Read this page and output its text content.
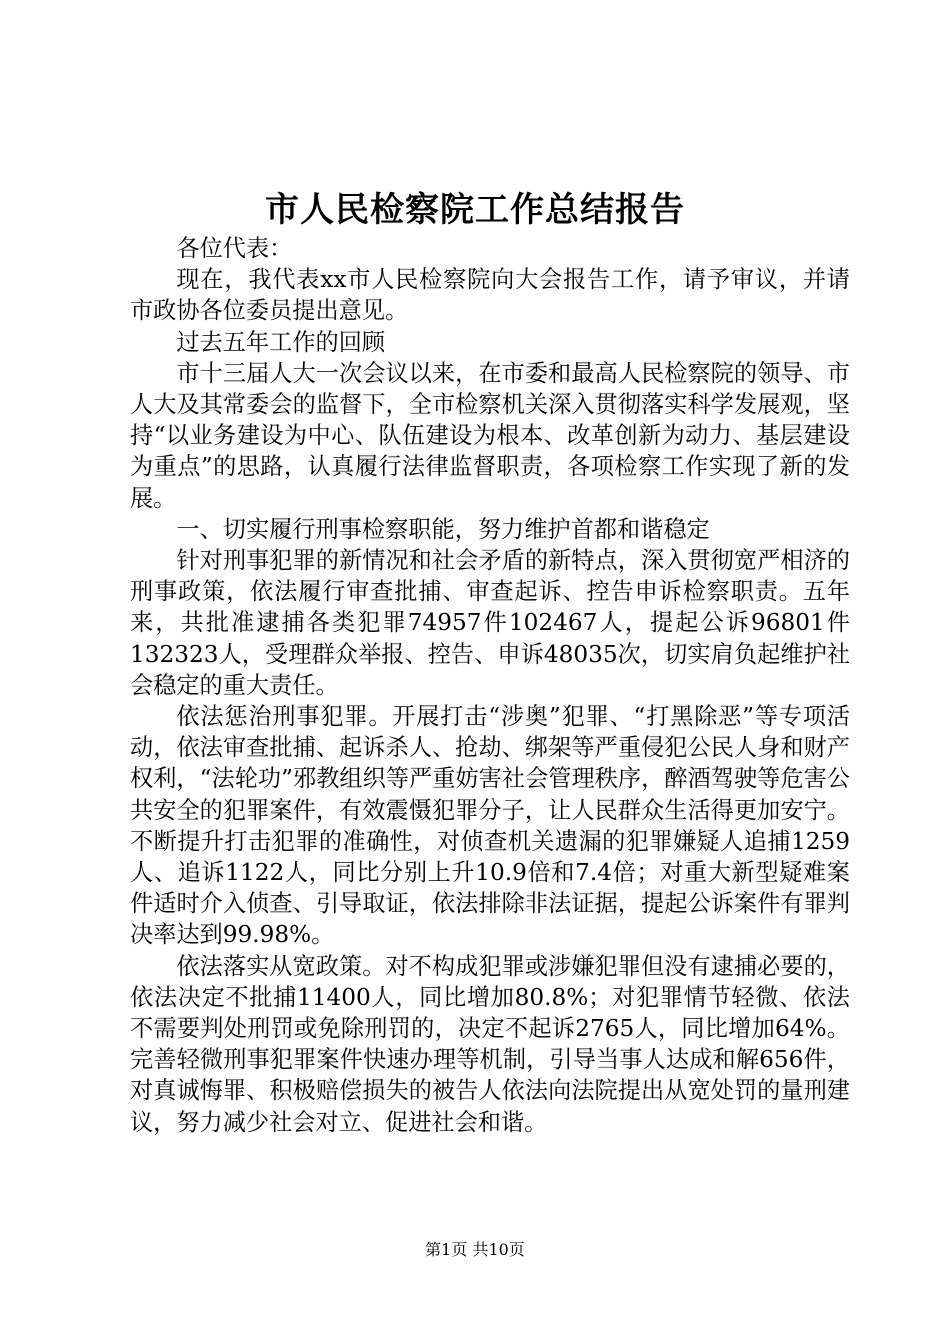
市人民检察院工作总结报告

各位代表：

现在，我代表xx市人民检察院向大会报告工作，请予审议，并请市政协各位委员提出意见。

过去五年工作的回顾

市十三届人大一次会议以来，在市委和最高人民检察院的领导、市人大及其常委会的监督下，全市检察机关深入贯彻落实科学发展观，坚持“以业务建设为中心、队伍建设为根本、改革创新为动力、基层建设为重点”的思路，认真履行法律监督职责，各项检察工作实现了新的发展。

一、切实履行刑事检察职能，努力维护首都和谐稳定

针对刑事犯罪的新情况和社会矛盾的新特点，深入贯彻宽严相济的刑事政策，依法履行审查批捕、审查起诉、控告申诉检察职责。五年来，共批准逮捕各类犯罪74957件102467人，提起公诉96801件132323人，受理群众举报、控告、申诉48035次，切实肩负起维护社会稳定的重大责任。

依法惩治刑事犯罪。开展打击“涉奥”犯罪、“打黑除恶”等专项活动，依法审查批捕、起诉杀人、抢劫、绑架等严重侵犯公民人身和财产权利，“法轮功”邪教组织等严重妨害社会管理秩序，醉酒驾驶等危害公共安全的犯罪案件，有效震慑犯罪分子，让人民群众生活得更加安宁。不断提升打击犯罪的准确性，对侦查机关遗漏的犯罪嫌疑人追捕1259人、追诉1122人，同比分别上升10.9倍和7.4倍；对重大新型疑难案件适时介入侦查、引导取证，依法排除非法证据，提起公诉案件有罪判决率达到99.98%。

依法落实从宽政策。对不构成犯罪或涉嫌犯罪但没有逮捕必要的，依法决定不批捕11400人，同比增加80.8%；对犯罪情节轻微、依法不需要判处刑罚或免除刑罚的，决定不起诉2765人，同比增加64%。完善轻微刑事犯罪案件快速办理等机制，引导当事人达成和解656件，对真诚悔罪、积极赔偿损失的被告人依法向法院提出从宽处罚的量刑建议，努力减少社会对立、促进社会和谐。

第1页 共10页
